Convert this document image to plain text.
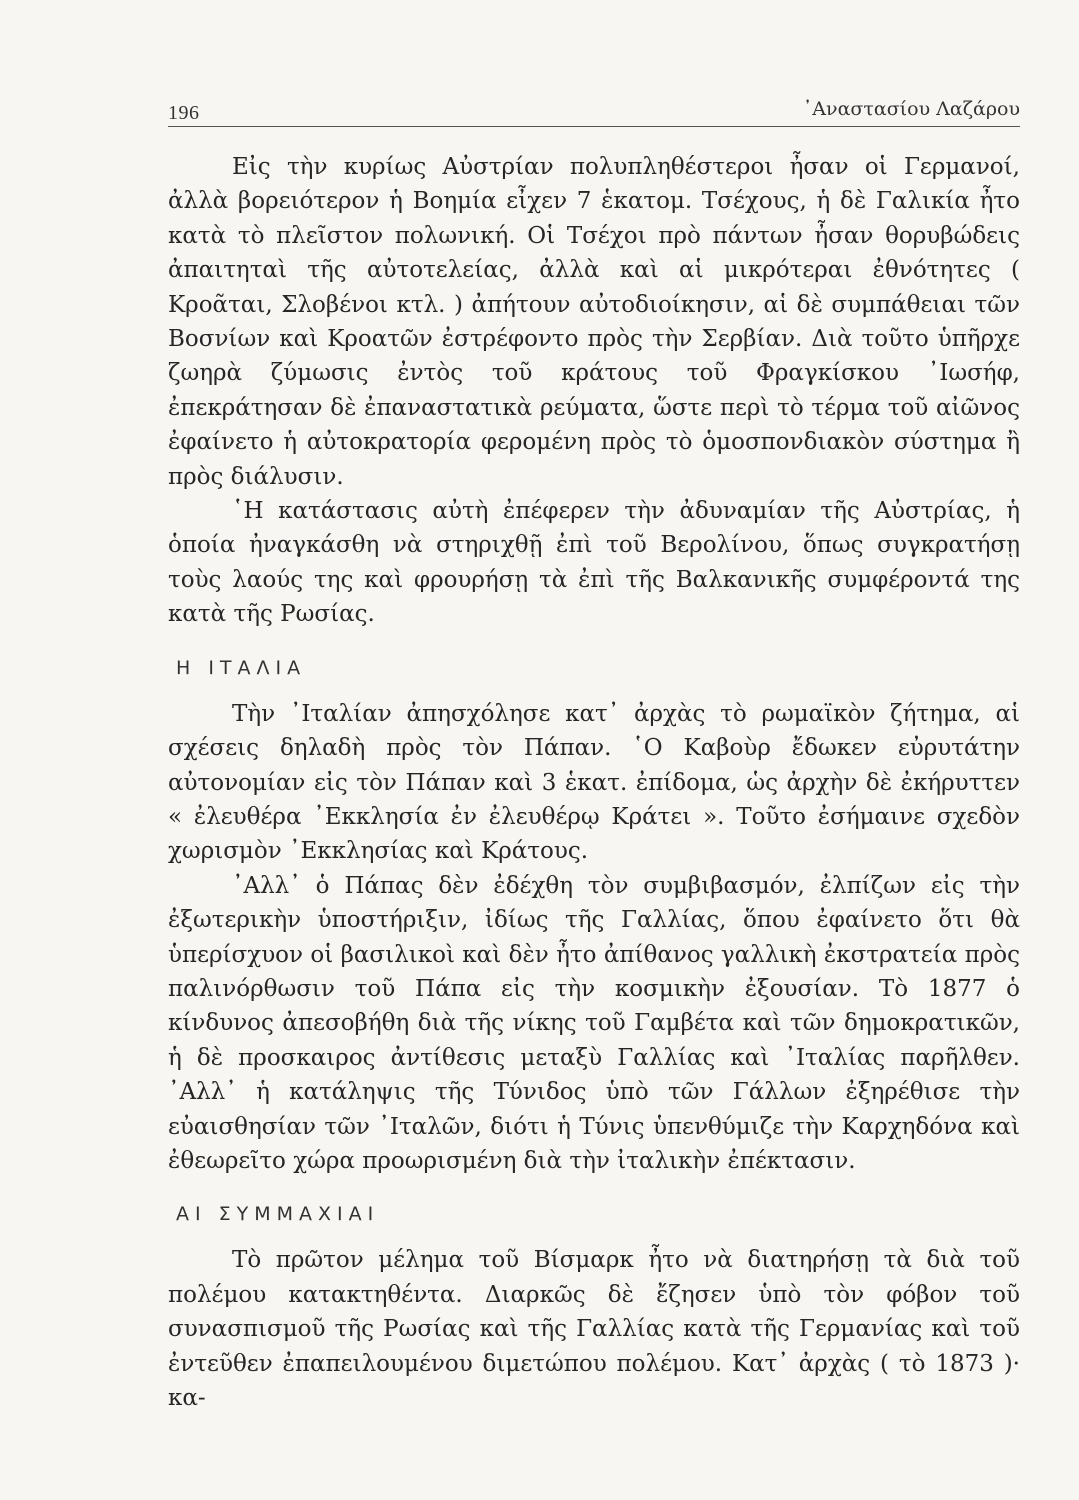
196	᾿Αναστασίου Λαζάρου

Εἰς τὴν κυρίως Αὐστρίαν πολυπληθέστεροι ἦσαν οἱ Γερμανοί, ἀλλὰ βορειότερον ἡ Βοημία εἶχεν 7 ἑκατομ. Τσέχους, ἡ δὲ Γαλικία ἦτο κατὰ τὸ πλεῖστον πολωνική. Οἱ Τσέχοι πρὸ πάντων ἦσαν θορυβώδεις ἀπαιτηταὶ τῆς αὐτοτελείας, ἀλλὰ καὶ αἱ μικρότεραι ἐθνότητες ( Κροᾶται, Σλοβένοι κτλ. ) ἀπήτουν αὐτοδιοίκησιν, αἱ δὲ συμπάθειαι τῶν Βοσνίων καὶ Κροατῶν ἐστρέφοντο πρὸς τὴν Σερβίαν. Διὰ τοῦτο ὑπῆρχε ζωηρὰ ζύμωσις ἐντὸς τοῦ κράτους τοῦ Φραγκίσκου ᾿Ιωσήφ, ἐπεκράτησαν δὲ ἐπαναστατικὰ ρεύματα, ὥστε περὶ τὸ τέρμα τοῦ αἰῶνος ἐφαίνετο ἡ αὐτοκρατορία φερομένη πρὸς τὸ ὁμοσπονδιακὸν σύστημα ἢ πρὸς διάλυσιν.

῾Η κατάστασις αὐτὴ ἐπέφερεν τὴν ἀδυναμίαν τῆς Αὐστρίας, ἡ ὁποία ἠναγκάσθη νὰ στηριχθῇ ἐπὶ τοῦ Βερολίνου, ὅπως συγκρατήσῃ τοὺς λαούς της καὶ φρουρήσῃ τὰ ἐπὶ τῆς Βαλκανικῆς συμφέροντά της κατὰ τῆς Ρωσίας.

Η ΙΤΑΛΙΑ

Τὴν ᾿Ιταλίαν ἀπησχόλησε κατ᾿ ἀρχὰς τὸ ρωμαϊκὸν ζήτημα, αἱ σχέσεις δηλαδὴ πρὸς τὸν Πάπαν. ῾Ο Καβοὺρ ἔδωκεν εὐρυτάτην αὐτονομίαν εἰς τὸν Πάπαν καὶ 3 ἑκατ. ἐπίδομα, ὡς ἀρχὴν δὲ ἐκήρυττεν « ἐλευθέρα ᾿Εκκλησία ἐν ἐλευθέρῳ Κράτει ». Τοῦτο ἐσήμαινε σχεδὸν χωρισμὸν ᾿Εκκλησίας καὶ Κράτους.

᾿Αλλ᾿ ὁ Πάπας δὲν ἐδέχθη τὸν συμβιβασμόν, ἐλπίζων εἰς τὴν ἐξωτερικὴν ὑποστήριξιν, ἰδίως τῆς Γαλλίας, ὅπου ἐφαίνετο ὅτι θὰ ὑπερίσχυον οἱ βασιλικοὶ καὶ δὲν ἦτο ἀπίθανος γαλλικὴ ἐκστρατεία πρὸς παλινόρθωσιν τοῦ Πάπα εἰς τὴν κοσμικὴν ἐξουσίαν. Τὸ 1877 ὁ κίνδυνος ἀπεσοβήθη διὰ τῆς νίκης τοῦ Γαμβέτα καὶ τῶν δημοκρατικῶν, ἡ δὲ προσκαιρος ἀντίθεσις μεταξὺ Γαλλίας καὶ ᾿Ιταλίας παρῆλθεν. ᾿Αλλ᾿ ἡ κατάληψις τῆς Τύνιδος ὑπὸ τῶν Γάλλων ἐξηρέθισε τὴν εὐαισθησίαν τῶν ᾿Ιταλῶν, διότι ἡ Τύνις ὑπενθύμιζε τὴν Καρχηδόνα καὶ ἐθεωρεῖτο χώρα προωρισμένη διὰ τὴν ἰταλικὴν ἐπέκτασιν.

ΑΙ ΣΥΜΜΑΧΙΑΙ

Τὸ πρῶτον μέλημα τοῦ Βίσμαρκ ἦτο νὰ διατηρήσῃ τὰ διὰ τοῦ πολέμου κατακτηθέντα. Διαρκῶς δὲ ἔζησεν ὑπὸ τὸν φόβον τοῦ συνασπισμοῦ τῆς Ρωσίας καὶ τῆς Γαλλίας κατὰ τῆς Γερμανίας καὶ τοῦ ἐντεῦθεν ἐπαπειλουμένου διμετώπου πολέμου. Κατ᾿ ἀρχὰς ( τὸ 1873 )· κα-
